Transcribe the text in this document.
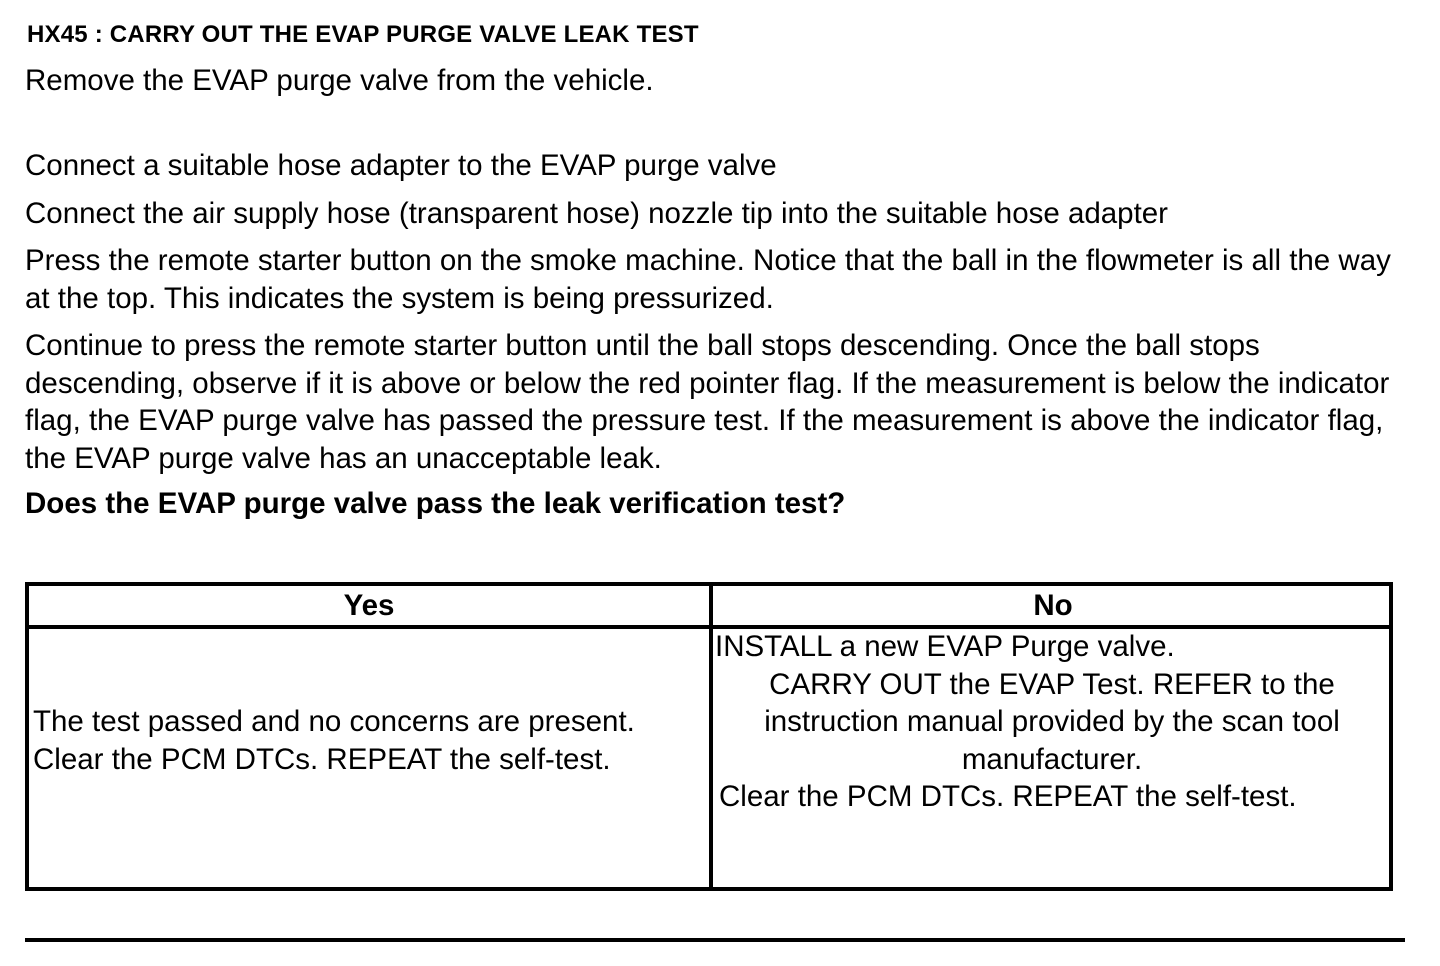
HX45 : CARRY OUT THE EVAP PURGE VALVE LEAK TEST

Remove the EVAP purge valve from the vehicle.

Connect a suitable hose adapter to the EVAP purge valve

Connect the air supply hose (transparent hose) nozzle tip into the suitable hose adapter

Press the remote starter button on the smoke machine. Notice that the ball in the flowmeter is all the way at the top. This indicates the system is being pressurized.

Continue to press the remote starter button until the ball stops descending. Once the ball stops descending, observe if it is above or below the red pointer flag. If the measurement is below the indicator flag, the EVAP purge valve has passed the pressure test. If the measurement is above the indicator flag, the EVAP purge valve has an unacceptable leak.

Does the EVAP purge valve pass the leak verification test?
Yes	No
The test passed and no concerns are present.
Clear the PCM DTCs. REPEAT the self-test.
INSTALL a new EVAP Purge valve.
CARRY OUT the EVAP Test. REFER to the instruction manual provided by the scan tool manufacturer.
Clear the PCM DTCs. REPEAT the self-test.
